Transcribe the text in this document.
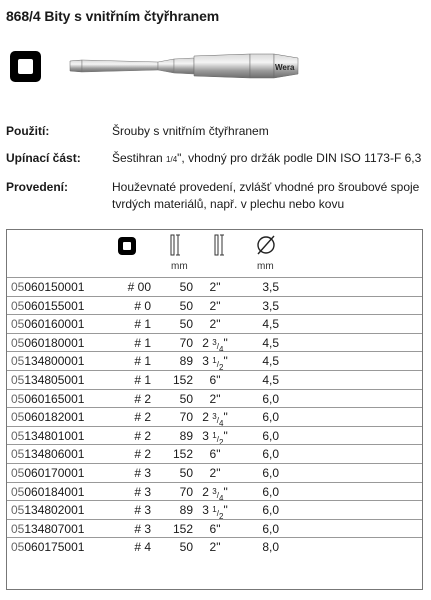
868/4 Bity s vnitřním čtyřhranem
Wera
Použití:	Šrouby s vnitřním čtyřhranem
Upínací část:	Šestihran 1/4", vhodný pro držák podle DIN ISO 1173-F 6,3
Provedení:	Houževnaté provedení, zvlášť vhodné pro šroubové spoje tvrdých materiálů, např. v plechu nebo kovu
mm	mm
05060150001	# 00	50	2"	3,5
05060155001	# 0	50	2"	3,5
05060160001	# 1	50	2"	4,5
05060180001	# 1	70 2 3/4"	4,5
05134800001	# 1	89 3 1/2"	4,5
05134805001	# 1	152	6"	4,5
05060165001	# 2	50	2"	6,0
05060182001	# 2	70 2 3/4"	6,0
05134801001	# 2	89 3 1/2"	6,0
05134806001	# 2	152	6"	6,0
05060170001	# 3	50	2"	6,0
05060184001	# 3	70 2 3/4"	6,0
05134802001	# 3	89 3 1/2"	6,0
05134807001	# 3	152	6"	6,0
05060175001	# 4	50	2"	8,0
